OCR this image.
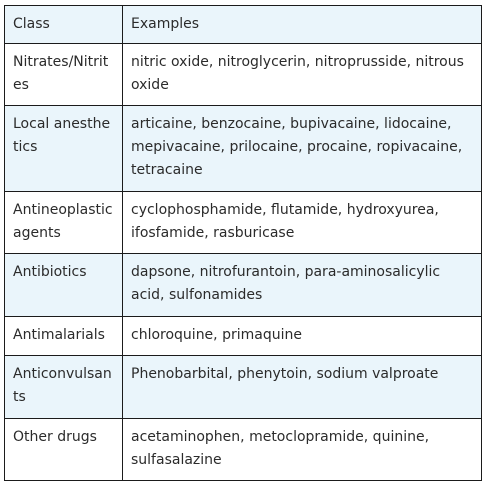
Class	Examples
Nitrates/Nitrites	nitric oxide, nitroglycerin, nitroprusside, nitrous oxide
Local anesthetics	articaine, benzocaine, bupivacaine, lidocaine, mepivacaine, prilocaine, procaine, ropivacaine, tetracaine
Antineoplastic agents	cyclophosphamide, flutamide, hydroxyurea, ifosfamide, rasburicase
Antibiotics	dapsone, nitrofurantoin, para-aminosalicylic acid, sulfonamides
Antimalarials	chloroquine, primaquine
Anticonvulsants	Phenobarbital, phenytoin, sodium valproate
Other drugs	acetaminophen, metoclopramide, quinine, sulfasalazine
